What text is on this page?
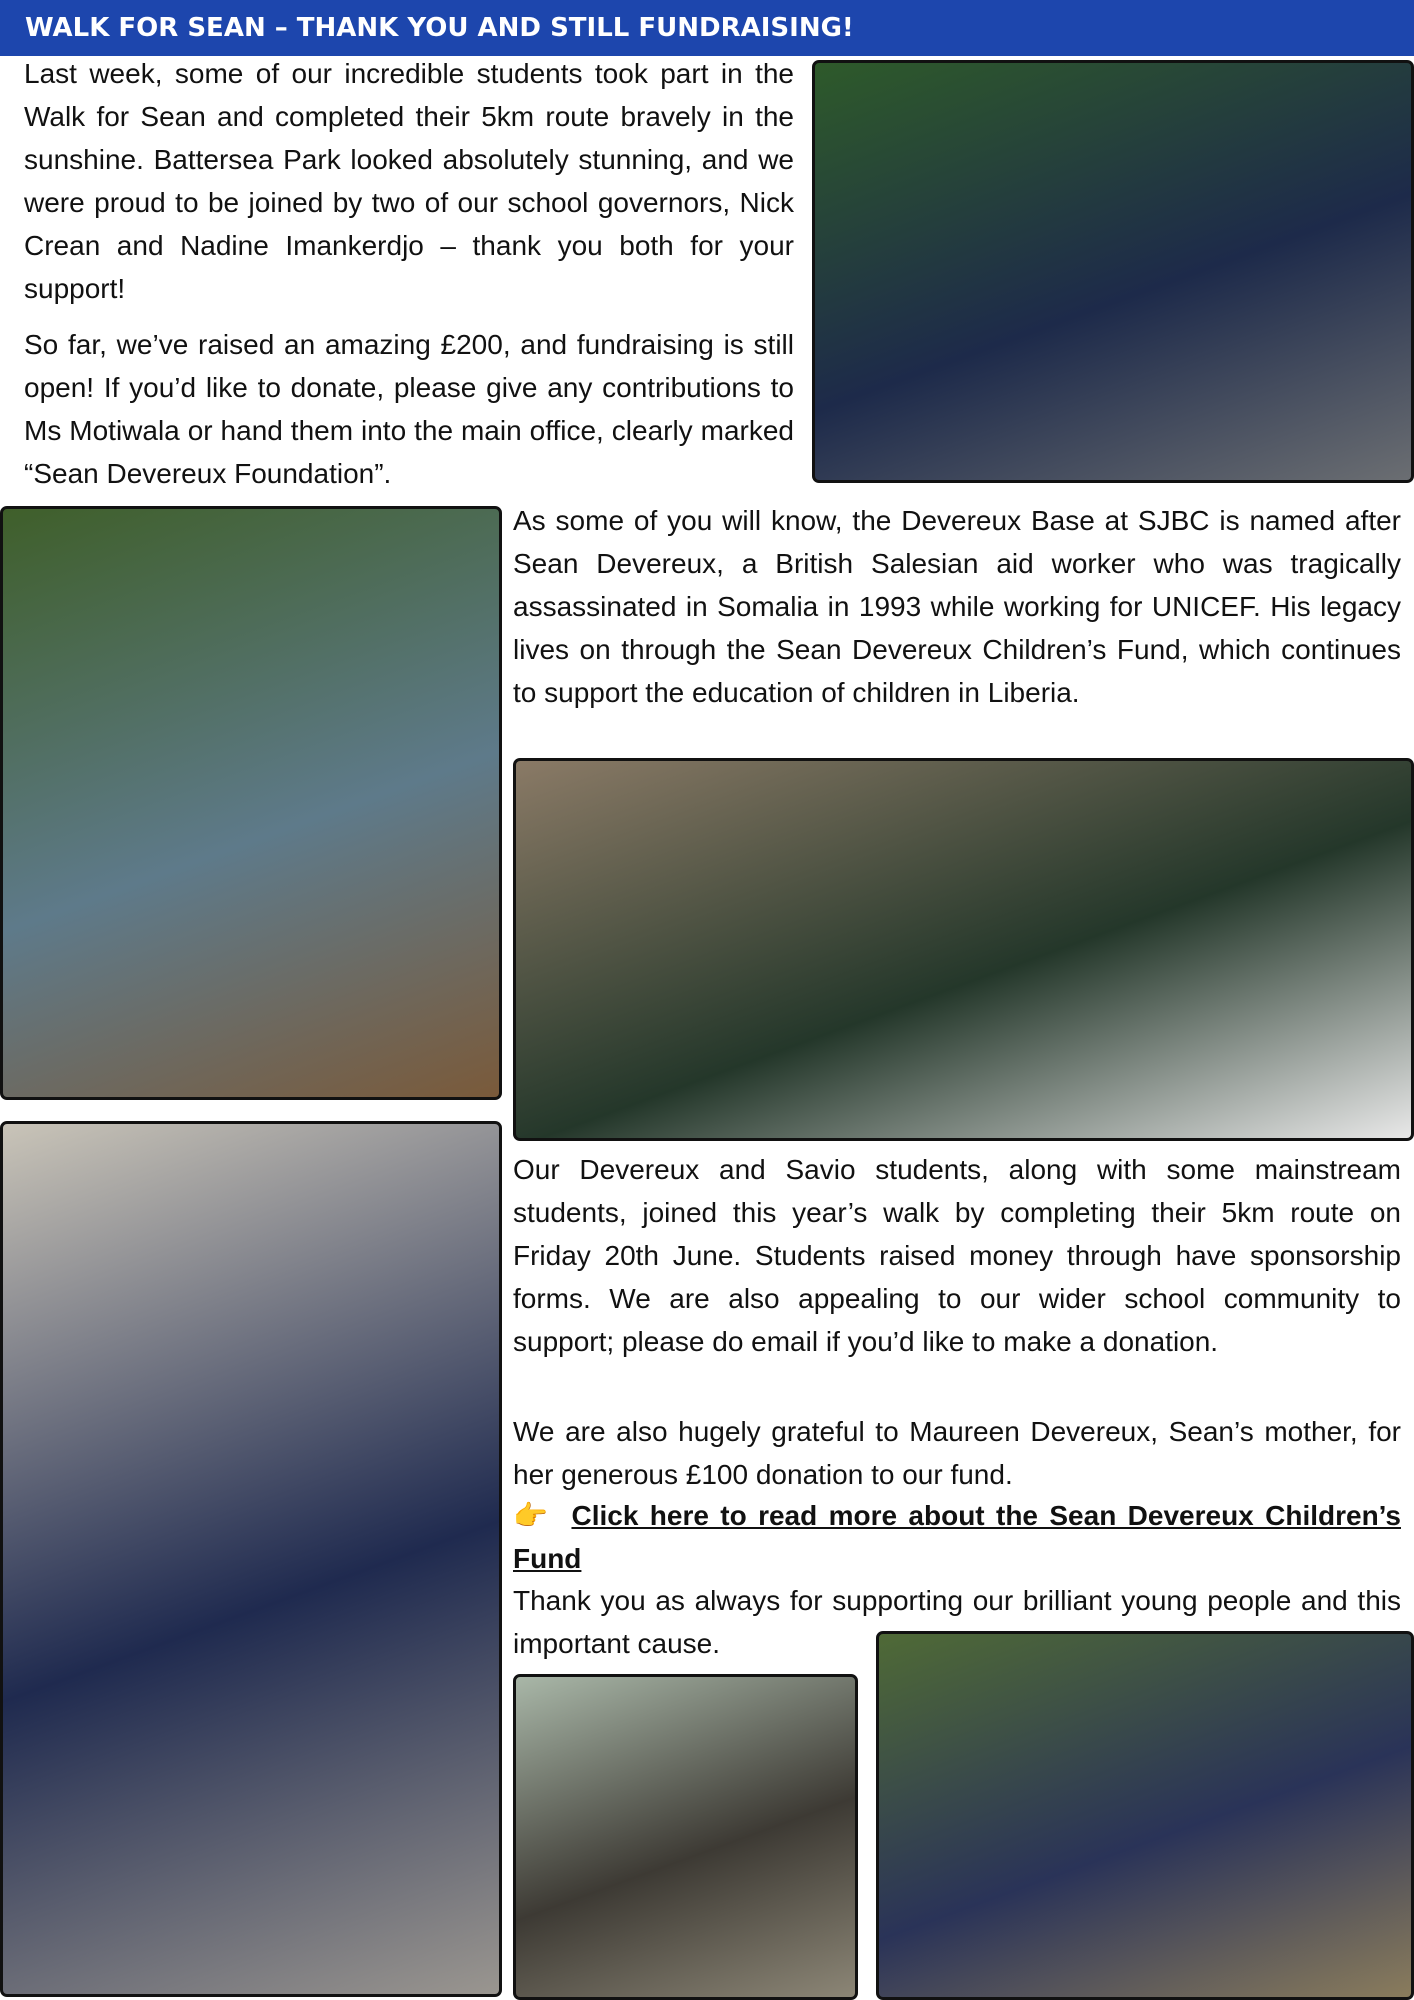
WALK FOR SEAN – THANK YOU AND STILL FUNDRAISING!

Last week, some of our incredible students took part in the Walk for Sean and completed their 5km route bravely in the sunshine. Battersea Park looked absolutely stunning, and we were proud to be joined by two of our school governors, Nick Crean and Nadine Imankerdjo – thank you both for your support!

So far, we’ve raised an amazing £200, and fundraising is still open! If you’d like to donate, please give any contributions to Ms Motiwala or hand them into the main office, clearly marked “Sean Devereux Foundation”.

As some of you will know, the Devereux Base at SJBC is named after Sean Devereux, a British Salesian aid worker who was tragically assassinated in Somalia in 1993 while working for UNICEF. His legacy lives on through the Sean Devereux Children’s Fund, which continues to support the education of children in Liberia.

Our Devereux and Savio students, along with some mainstream students, joined this year’s walk by completing their 5km route on Friday 20th June. Students raised money through have sponsorship forms. We are also appealing to our wider school community to support; please do email if you’d like to make a donation.

We are also hugely grateful to Maureen Devereux, Sean’s mother, for her generous £100 donation to our fund.

👉 Click here to read more about the Sean Devereux Children’s Fund

Thank you as always for supporting our brilliant young people and this important cause.
